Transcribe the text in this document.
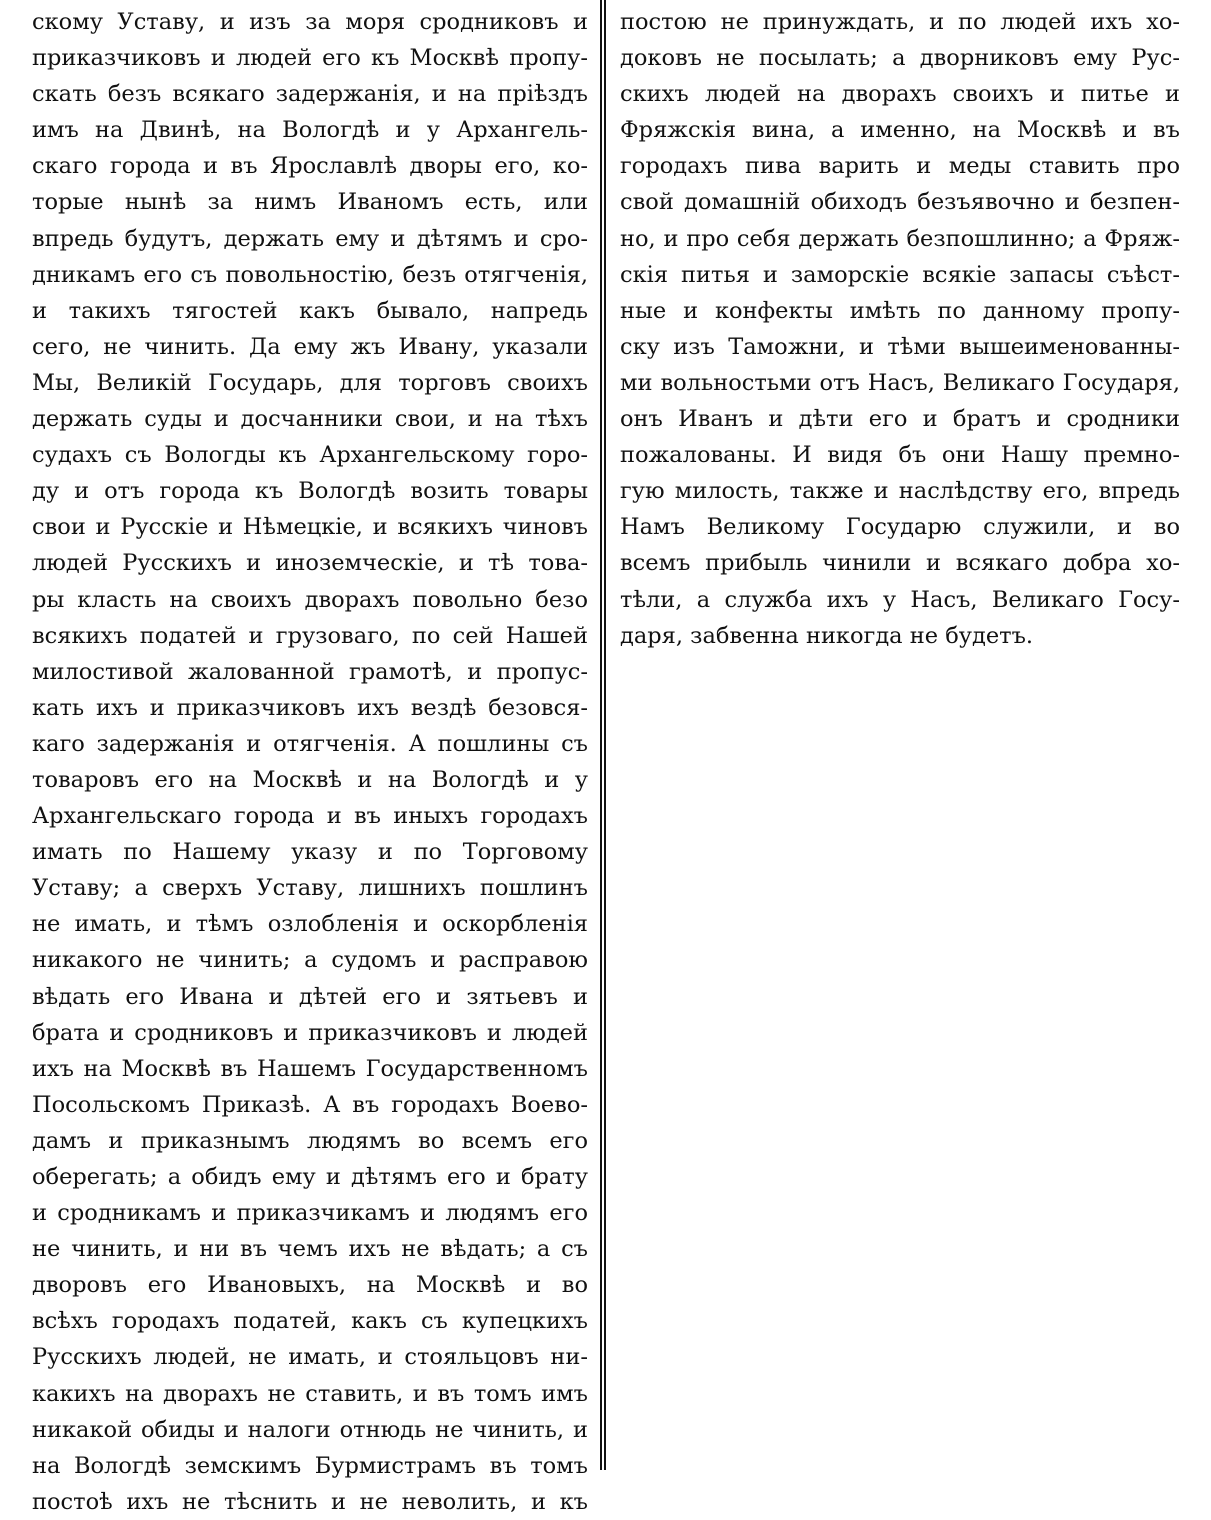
скому Уставу, и изъ за моря сродниковъ и
приказчиковъ и людей его къ Москвѣ пропу-
скать безъ всякаго задержанія, и на пріѣздъ
имъ на Двинѣ, на Вологдѣ и у Архангель-
скаго города и въ Ярославлѣ дворы его, ко-
торые нынѣ за нимъ Иваномъ есть, или
впредь будутъ, держать ему и дѣтямъ и сро-
дникамъ его съ повольностію, безъ отягченія,
и такихъ тягостей какъ бывало, напредь
сего, не чинить. Да ему жъ Ивану, указали
Мы, Великій Государь, для торговъ своихъ
держать суды и досчанники свои, и на тѣхъ
судахъ съ Вологды къ Архангельскому горо-
ду и отъ города къ Вологдѣ возить товары
свои и Русскіе и Нѣмецкіе, и всякихъ чиновъ
людей Русскихъ и иноземческіе, и тѣ това-
ры класть на своихъ дворахъ повольно безо
всякихъ податей и грузоваго, по сей Нашей
милостивой жалованной грамотѣ, и пропус-
кать ихъ и приказчиковъ ихъ вездѣ безовся-
каго задержанія и отягченія. А пошлины съ
товаровъ его на Москвѣ и на Вологдѣ и у
Архангельскаго города и въ иныхъ городахъ
имать по Нашему указу и по Торговому
Уставу; а сверхъ Уставу, лишнихъ пошлинъ
не имать, и тѣмъ озлобленія и оскорбленія
никакого не чинить; а судомъ и расправою
вѣдать его Ивана и дѣтей его и зятьевъ и
брата и сродниковъ и приказчиковъ и людей
ихъ на Москвѣ въ Нашемъ Государственномъ
Посольскомъ Приказѣ. А въ городахъ Воево-
дамъ и приказнымъ людямъ во всемъ его
оберегать; а обидъ ему и дѣтямъ его и брату
и сродникамъ и приказчикамъ и людямъ его
не чинить, и ни въ чемъ ихъ не вѣдать; а съ
дворовъ его Ивановыхъ, на Москвѣ и во
всѣхъ городахъ податей, какъ съ купецкихъ
Русскихъ людей, не имать, и стояльцовъ ни-
какихъ на дворахъ не ставить, и въ томъ имъ
никакой обиды и налоги отнюдь не чинить, и
на Вологдѣ земскимъ Бурмистрамъ въ томъ
постоѣ ихъ не тѣснить и не неволить, и къ
постою не принуждать, и по людей ихъ хо-
доковъ не посылать; а дворниковъ ему Рус-
скихъ людей на дворахъ своихъ и питье и
Фряжскія вина, а именно, на Москвѣ и въ
городахъ пива варить и меды ставить про
свой домашній обиходъ безъявочно и безпен-
но, и про себя держать безпошлинно; а Фряж-
скія питья и заморскіе всякіе запасы съѣст-
ные и конфекты имѣть по данному пропу-
ску изъ Таможни, и тѣми вышеименованны-
ми вольностьми отъ Насъ, Великаго Государя,
онъ Иванъ и дѣти его и братъ и сродники
пожалованы. И видя бъ они Нашу премно-
гую милость, также и наслѣдству его, впредь
Намъ Великому Государю служили, и во
всемъ прибыль чинили и всякаго добра хо-
тѣли, а служба ихъ у Насъ, Великаго Госу-
даря, забвенна никогда не будетъ.
